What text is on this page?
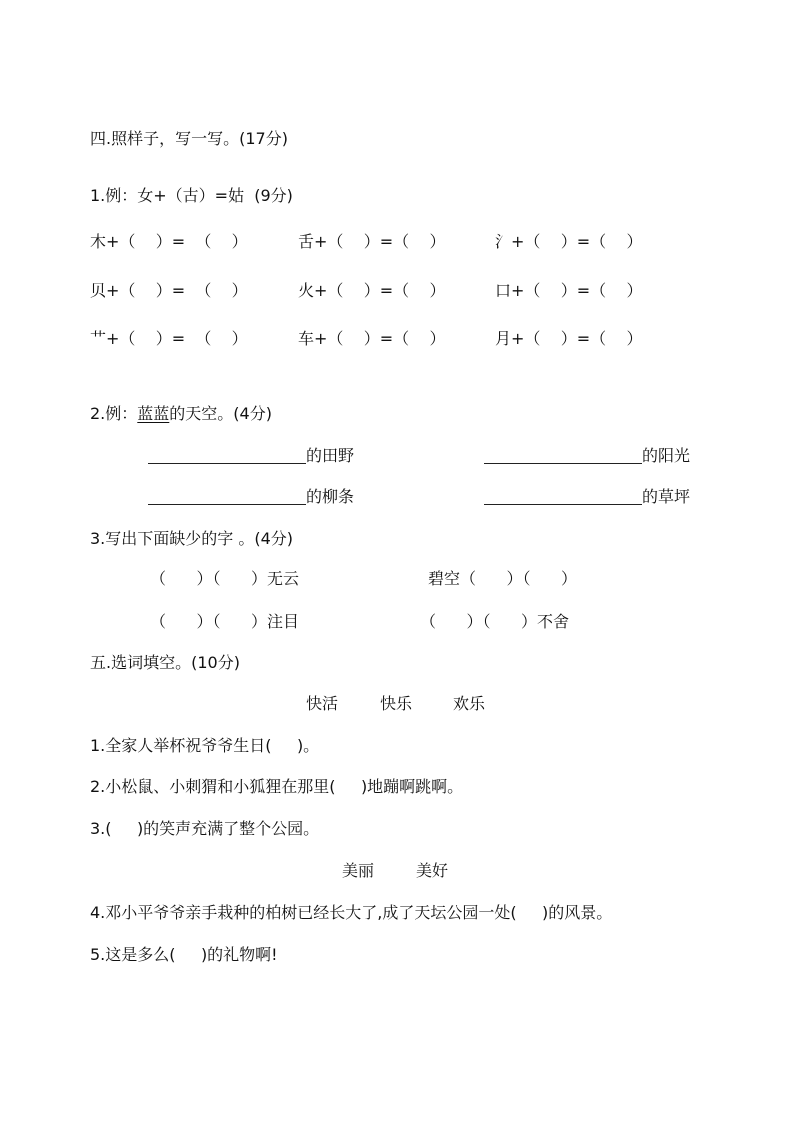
四.照样子，写一写。(17分)
1.例：女+（古）=姑  (9分)
木+（    ）=  （    ）	舌+（    ）=（    ）	氵+（    ）=（    ）
贝+（    ）=  （    ）	火+（    ）=（    ）	口+（    ）=（    ）
艹+（    ）=  （    ）	车+（    ）=（    ）	月+（    ）=（    ）
2.例：蓝蓝的天空。(4分)
的田野	的阳光
的柳条	的草坪
3.写出下面缺少的字 。(4分)
（      ）（      ）无云	碧空（      ）（      ）
（      ）（      ）注目	（      ）（      ）不舍
五.选词填空。(10分)
快活	快乐	欢乐
1.全家人举杯祝爷爷生日(     )。
2.小松鼠、小刺猬和小狐狸在那里(     )地蹦啊跳啊。
3.(     )的笑声充满了整个公园。
美丽	美好
4.邓小平爷爷亲手栽种的柏树已经长大了,成了天坛公园一处(     )的风景。
5.这是多么(     )的礼物啊!
